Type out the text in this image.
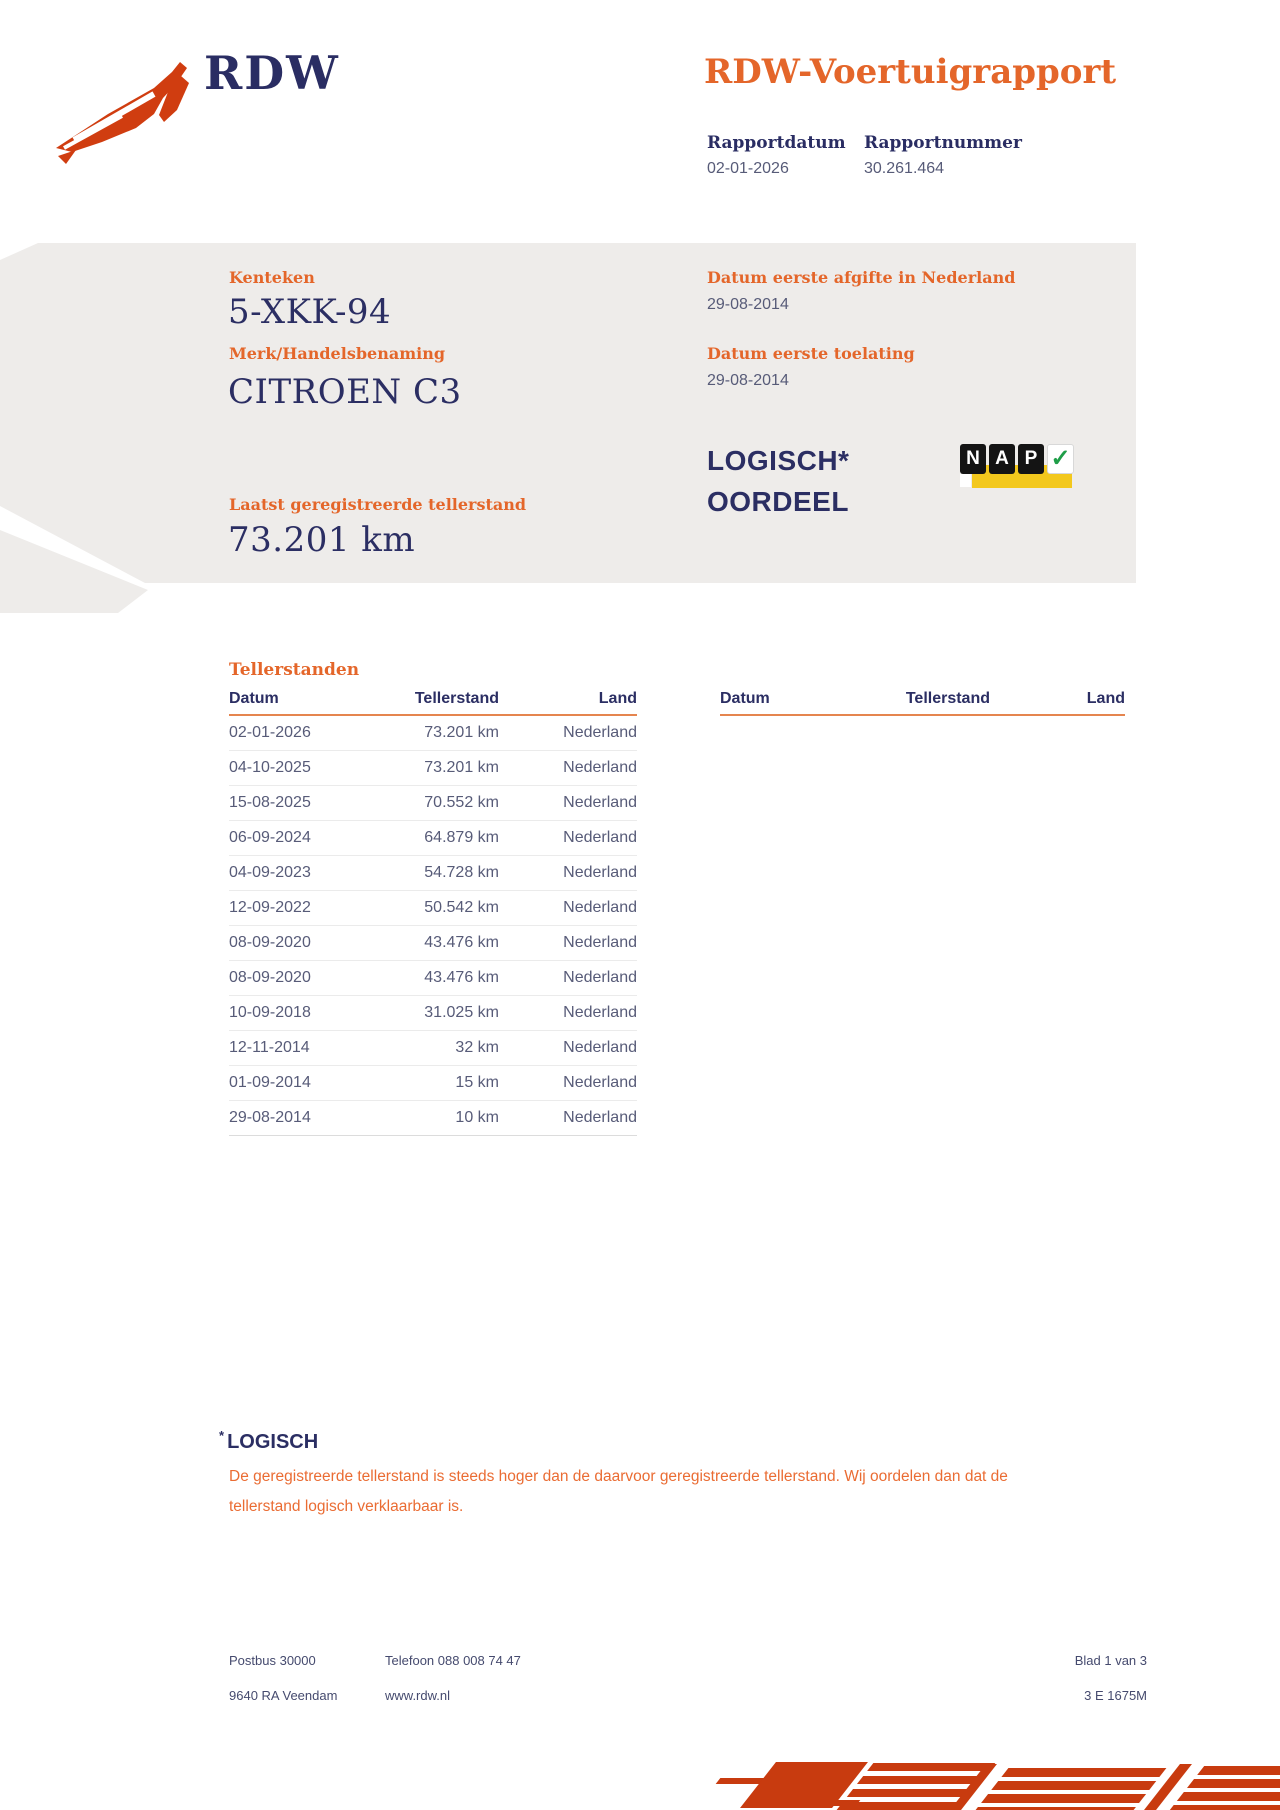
RDW	RDW-Voertuigrapport
Rapportdatum Rapportnummer
02-01-2026	30.261.464
Kenteken
5-XKK-94
Merk/Handelsbenaming
CITROEN C3
Laatst geregistreerde tellerstand
73.201 km
Datum eerste afgifte in Nederland
29-08-2014
Datum eerste toelating
29-08-2014
LOGISCH*
OORDEEL
N A P ✓
Tellerstanden
Datum	Tellerstand	Land
02-01-2026	73.201 km	Nederland
04-10-2025	73.201 km	Nederland
15-08-2025	70.552 km	Nederland
06-09-2024	64.879 km	Nederland
04-09-2023	54.728 km	Nederland
12-09-2022	50.542 km	Nederland
08-09-2020	43.476 km	Nederland
08-09-2020	43.476 km	Nederland
10-09-2018	31.025 km	Nederland
12-11-2014	32 km	Nederland
01-09-2014	15 km	Nederland
29-08-2014	10 km	Nederland
Datum	Tellerstand	Land
* LOGISCH
De geregistreerde tellerstand is steeds hoger dan de daarvoor geregistreerde tellerstand. Wij oordelen dan dat de tellerstand logisch verklaarbaar is.
Postbus 30000
9640 RA Veendam
Telefoon 088 008 74 47
www.rdw.nl
Blad 1 van 3
3 E 1675M
